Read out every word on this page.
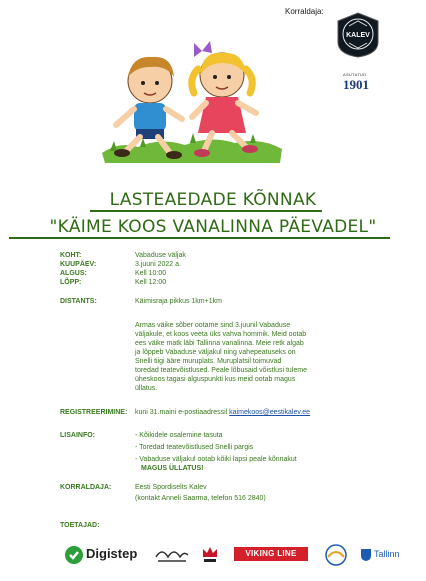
Korraldaja:
KALEV
ASUTATUD
1901
LASTEAEDADE KÕNNAK
"KÄIME KOOS VANALINNA PÄEVADEL"
KOHT:	Vabaduse väljak
KUUPÄEV:	3.juuni 2022 a.
ALGUS:	Kell 10:00
LÕPP:	Kell 12:00
DISTANTS:	Käimisraja pikkus 1km+1km
Armas väike sõber ootame sind 3.juunil Vabaduse
väljakule, et koos veeta üks vahva hommik. Meid ootab
ees väike matk läbi Tallinna vanalinna. Meie retk algab
ja lõppeb Vabaduse väljakul ning vahepeatuseks on
Snelli tiigi ääre muruplats. Muruplatsil toimuvad
toredad teatevõistlused. Peale lõbusaid võistlusi tuleme
üheskoos tagasi alguspunkti kus meid ootab magus
üllatus.
REGISTREERIMINE: kuni 31.maini e-postiaadressil kaimekoos@eestikalev.ee
LISAINFO:	- Kõikidele osalemine tasuta
- Toredad teatevõistlused Snelli pargis
- Vabaduse väljakul ootab kõiki lapsi peale kõnnakut
MAGUS ÜLLATUS!
KORRALDAJA:	Eesti Spordiselts Kalev
(kontakt Anneli Saarma, telefon 516 2840)
TOETAJAD:
Digistep	VIKING LINE	Tallinn
